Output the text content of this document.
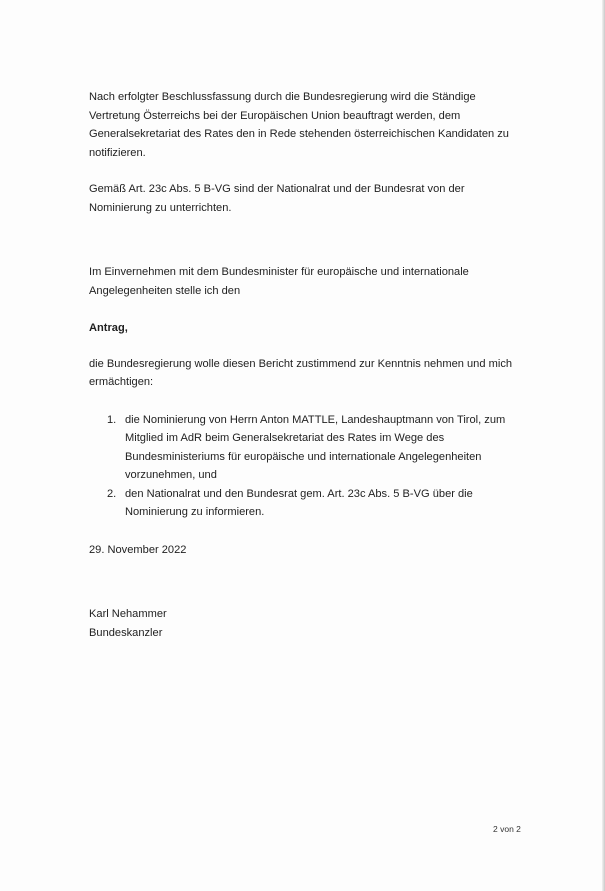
Nach erfolgter Beschlussfassung durch die Bundesregierung wird die Ständige Vertretung Österreichs bei der Europäischen Union beauftragt werden, dem Generalsekretariat des Rates den in Rede stehenden österreichischen Kandidaten zu notifizieren.

Gemäß Art. 23c Abs. 5 B-VG sind der Nationalrat und der Bundesrat von der Nominierung zu unterrichten.

Im Einvernehmen mit dem Bundesminister für europäische und internationale Angelegenheiten stelle ich den

Antrag,

die Bundesregierung wolle diesen Bericht zustimmend zur Kenntnis nehmen und mich ermächtigen:

1. die Nominierung von Herrn Anton MATTLE, Landeshauptmann von Tirol, zum Mitglied im AdR beim Generalsekretariat des Rates im Wege des Bundesministeriums für europäische und internationale Angelegenheiten vorzunehmen, und
2. den Nationalrat und den Bundesrat gem. Art. 23c Abs. 5 B-VG über die Nominierung zu informieren.

29. November 2022

Karl Nehammer

Bundeskanzler

2 von 2
